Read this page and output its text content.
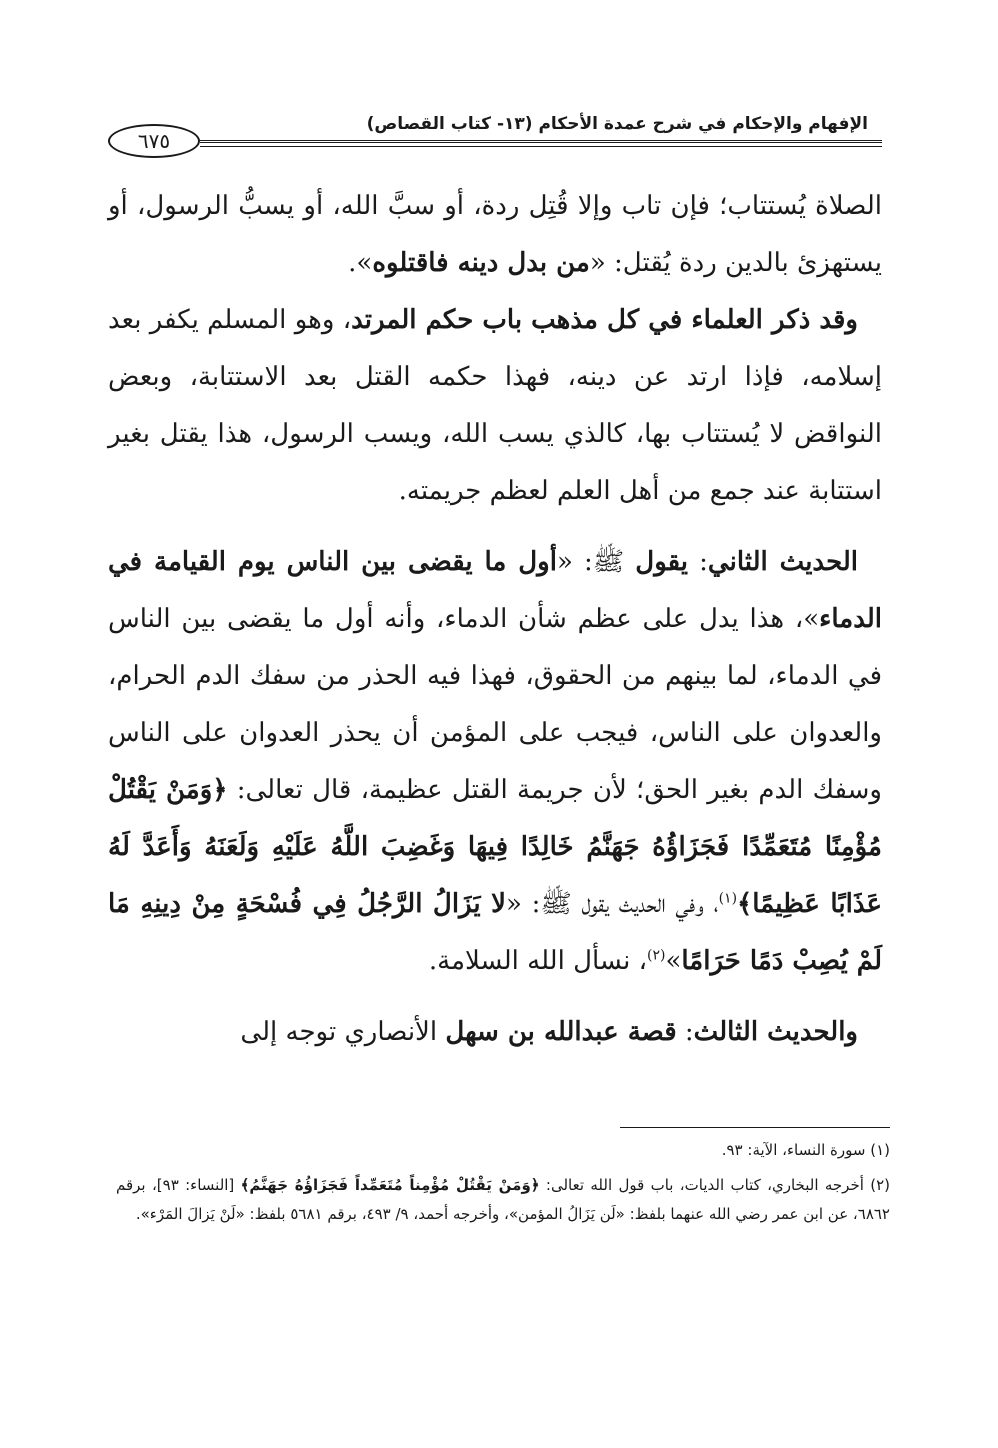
الإفهام والإحكام في شرح عمدة الأحكام (١٣- كتاب القصاص)
٦٧٥

الصلاة يُستتاب؛ فإن تاب وإلا قُتِل ردة، أو سبَّ الله، أو يسبُّ الرسول، أو يستهزئ بالدين ردة يُقتل: «من بدل دينه فاقتلوه».

وقد ذكر العلماء في كل مذهب باب حكم المرتد، وهو المسلم يكفر بعد إسلامه، فإذا ارتد عن دينه، فهذا حكمه القتل بعد الاستتابة، وبعض النواقض لا يُستتاب بها، كالذي يسب الله، ويسب الرسول، هذا يقتل بغير استتابة عند جمع من أهل العلم لعظم جريمته.

الحديث الثاني: يقول ﷺ: «أول ما يقضى بين الناس يوم القيامة في الدماء»، هذا يدل على عظم شأن الدماء، وأنه أول ما يقضى بين الناس في الدماء، لما بينهم من الحقوق، فهذا فيه الحذر من سفك الدم الحرام، والعدوان على الناس، فيجب على المؤمن أن يحذر العدوان على الناس وسفك الدم بغير الحق؛ لأن جريمة القتل عظيمة، قال تعالى: ﴿وَمَنْ يَقْتُلْ مُؤْمِنًا مُتَعَمِّدًا فَجَزَاؤُهُ جَهَنَّمُ خَالِدًا فِيهَا وَغَضِبَ اللَّهُ عَلَيْهِ وَلَعَنَهُ وَأَعَدَّ لَهُ عَذَابًا عَظِيمًا﴾$^{(١)}$، وفي الحديث يقول ﷺ: «لا يَزَالُ الرَّجُلُ فِي فُسْحَةٍ مِنْ دِينِهِ مَا لَمْ يُصِبْ دَمًا حَرَامًا»$^{(٢)}$، نسأل الله السلامة.

والحديث الثالث: قصة عبدالله بن سهل الأنصاري توجه إلى

(١) سورة النساء، الآية: ٩٣.

(٢) أخرجه البخاري، كتاب الديات، باب قول الله تعالى: ﴿وَمَنْ يَقْتُلْ مُؤْمِناً مُتَعَمِّداً فَجَزَاؤُهُ جَهَنَّمُ﴾ [النساء: ٩٣]، برقم ٦٨٦٢، عن ابن عمر رضي الله عنهما بلفظ: «لَن يَزَالُ المؤمن»، وأخرجه أحمد، ٩/ ٤٩٣، برقم ٥٦٨١ بلفظ: «لَنْ يَزالَ المَرْء».
